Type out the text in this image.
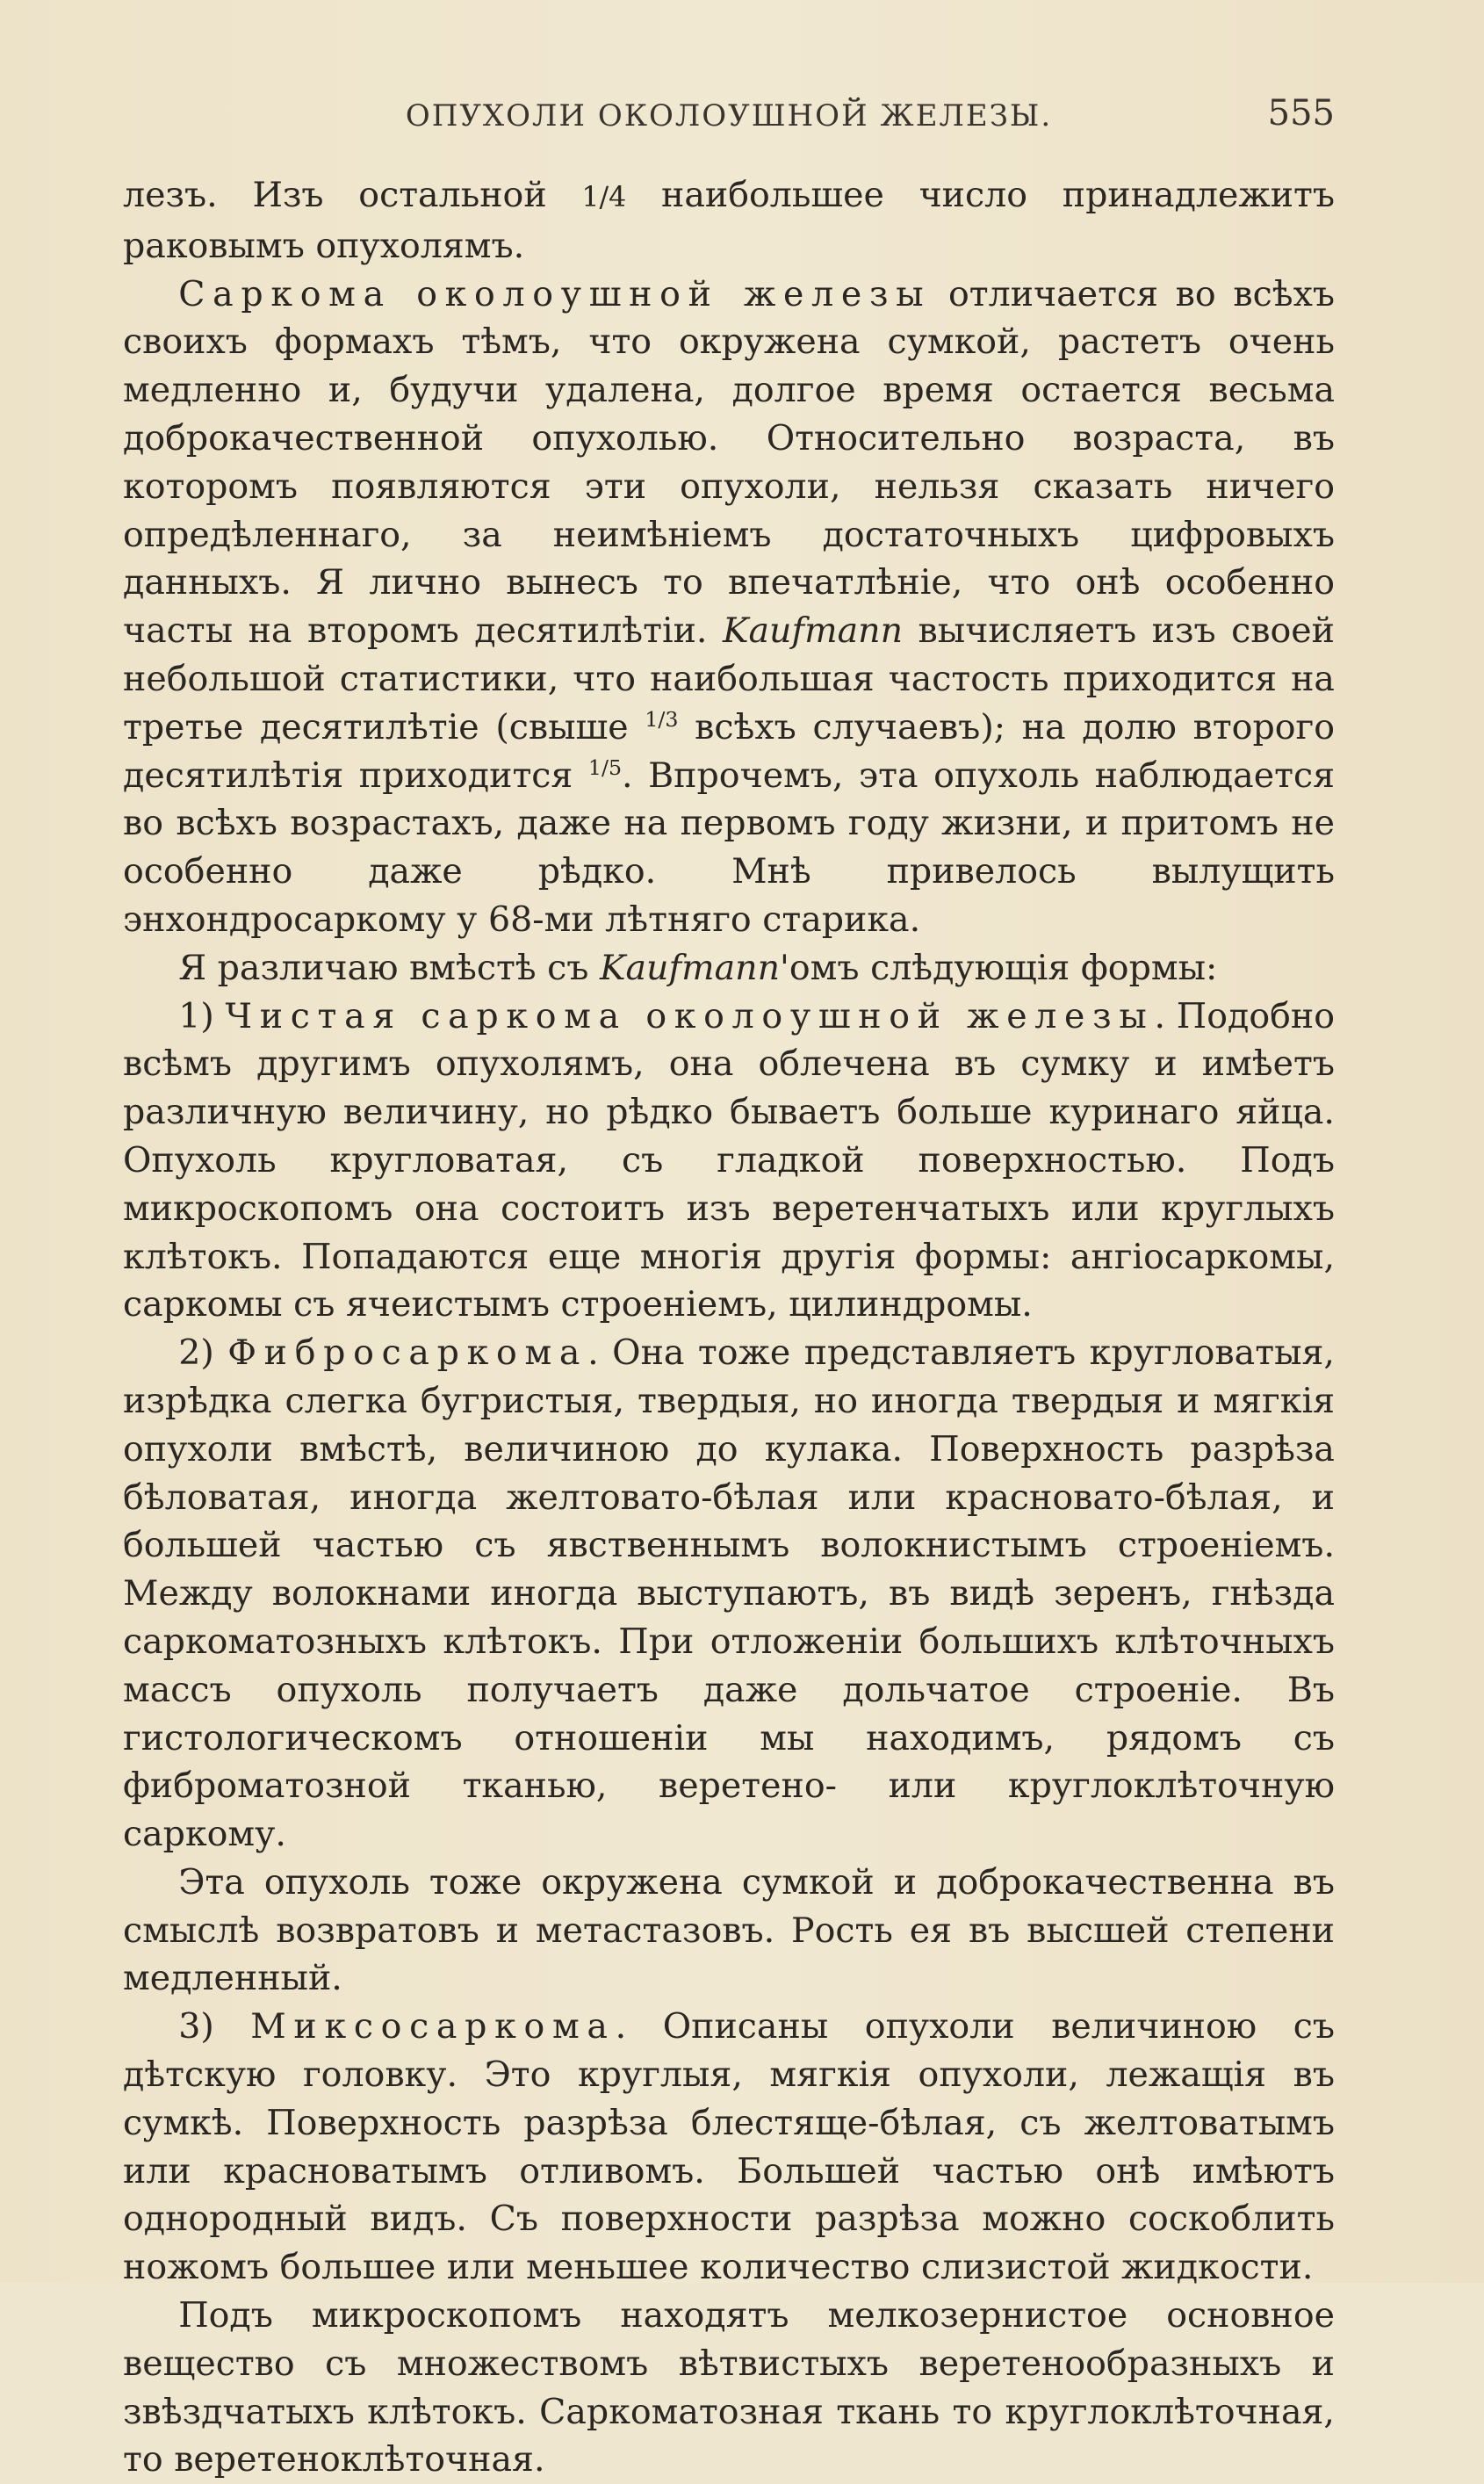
ОПУХОЛИ ОКОЛОУШНОЙ ЖЕЛЕЗЫ.	555

лезъ. Изъ остальной 1/4 наибольшее число принадлежитъ раковымъ опухолямъ.

Саркома околоушной железы отличается во всѣхъ своихъ формахъ тѣмъ, что окружена сумкой, растетъ очень медленно и, будучи удалена, долгое время остается весьма доброкачественной опухолью. Относительно возраста, въ которомъ появляются эти опухоли, нельзя сказать ничего опредѣленнаго, за неимѣніемъ достаточныхъ цифровыхъ данныхъ. Я лично вынесъ то впечатлѣніе, что онѣ особенно часты на второмъ десятилѣтіи. Kaufmann вычисляетъ изъ своей небольшой статистики, что наибольшая частость приходится на третье десятилѣтіе (свыше $^{1/3}$ всѣхъ случаевъ); на долю второго десятилѣтія приходится $^{1/5}$. Впрочемъ, эта опухоль наблюдается во всѣхъ возрастахъ, даже на первомъ году жизни, и притомъ не особенно даже рѣдко. Мнѣ привелось вылущить энхондросаркому у 68-ми лѣтняго старика.

Я различаю вмѣстѣ съ Kaufmann'омъ слѣдующія формы:

1) Чистая саркома околоушной железы. Подобно всѣмъ другимъ опухолямъ, она облечена въ сумку и имѣетъ различную величину, но рѣдко бываетъ больше куринаго яйца. Опухоль кругловатая, съ гладкой поверхностью. Подъ микроскопомъ она состоитъ изъ веретенчатыхъ или круглыхъ клѣтокъ. Попадаются еще многія другія формы: ангіосаркомы, саркомы съ ячеистымъ строеніемъ, цилиндромы.

2) Фибросаркома. Она тоже представляетъ кругловатыя, изрѣдка слегка бугристыя, твердыя, но иногда твердыя и мягкія опухоли вмѣстѣ, величиною до кулака. Поверхность разрѣза бѣловатая, иногда желтовато-бѣлая или красновато-бѣлая, и большей частью съ явственнымъ волокнистымъ строеніемъ. Между волокнами иногда выступаютъ, въ видѣ зеренъ, гнѣзда саркоматозныхъ клѣтокъ. При отложеніи большихъ клѣточныхъ массъ опухоль получаетъ даже дольчатое строеніе. Въ гистологическомъ отношеніи мы находимъ, рядомъ съ фиброматозной тканью, веретено- или круглоклѣточную саркому.

Эта опухоль тоже окружена сумкой и доброкачественна въ смыслѣ возвратовъ и метастазовъ. Рость ея въ высшей степени медленный.

3) Миксосаркома. Описаны опухоли величиною съ дѣтскую головку. Это круглыя, мягкія опухоли, лежащія въ сумкѣ. Поверхность разрѣза блестяще-бѣлая, съ желтоватымъ или красноватымъ отливомъ. Большей частью онѣ имѣютъ однородный видъ. Съ поверхности разрѣза можно соскоблить ножомъ большее или меньшее количество слизистой жидкости.

Подъ микроскопомъ находятъ мелкозернистое основное вещество съ множествомъ вѣтвистыхъ веретенообразныхъ и звѣздчатыхъ клѣтокъ. Саркоматозная ткань то круглоклѣточная, то веретеноклѣточная.
